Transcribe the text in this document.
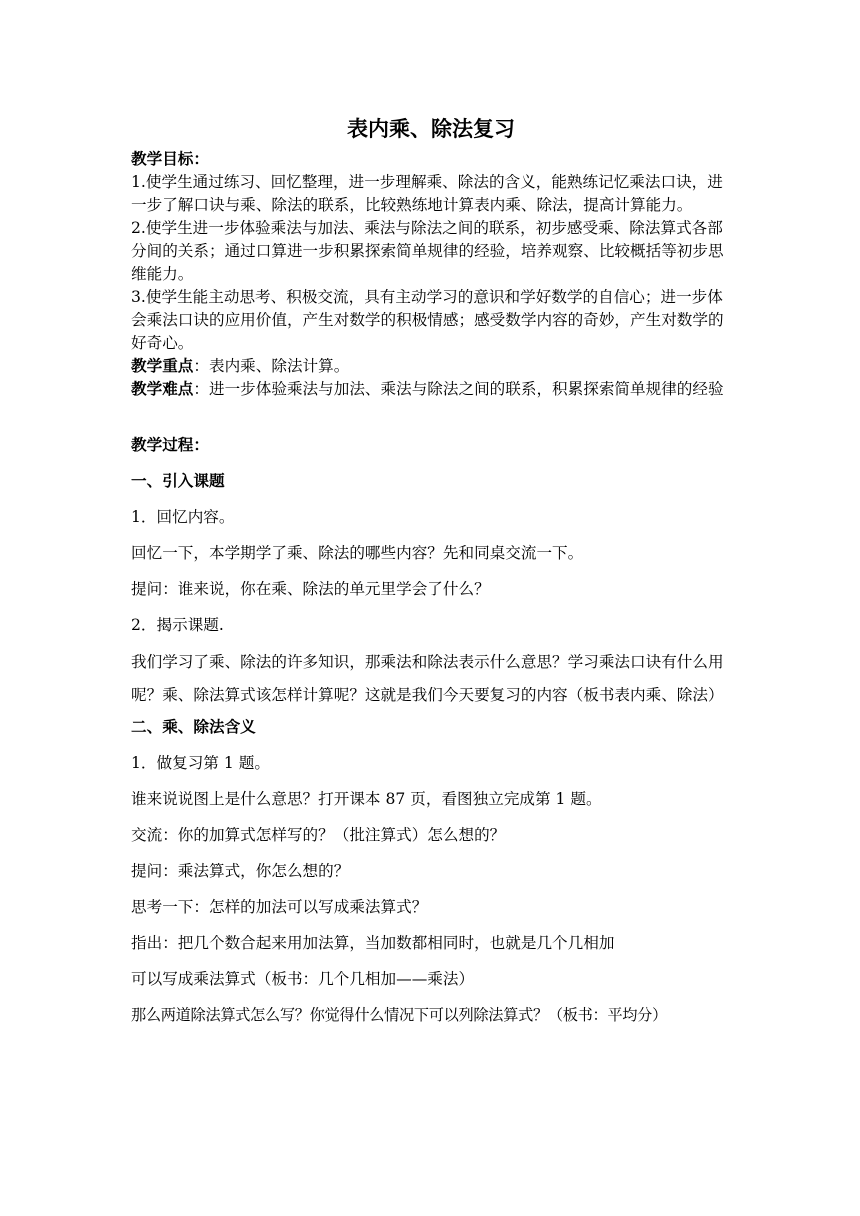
表内乘、除法复习

教学目标：

1.使学生通过练习、回忆整理，进一步理解乘、除法的含义，能熟练记忆乘法口诀，进一步了解口诀与乘、除法的联系，比较熟练地计算表内乘、除法，提高计算能力。

2.使学生进一步体验乘法与加法、乘法与除法之间的联系，初步感受乘、除法算式各部分间的关系；通过口算进一步积累探索简单规律的经验，培养观察、比较概括等初步思维能力。

3.使学生能主动思考、积极交流，具有主动学习的意识和学好数学的自信心；进一步体会乘法口诀的应用价值，产生对数学的积极情感；感受数学内容的奇妙，产生对数学的好奇心。

教学重点：表内乘、除法计算。

教学难点：进一步体验乘法与加法、乘法与除法之间的联系，积累探索简单规律的经验

教学过程：

一、引入课题

1．回忆内容。

回忆一下，本学期学了乘、除法的哪些内容？先和同桌交流一下。

提问：谁来说，你在乘、除法的单元里学会了什么？

2．揭示课题.

我们学习了乘、除法的许多知识，那乘法和除法表示什么意思？学习乘法口诀有什么用呢？乘、除法算式该怎样计算呢？这就是我们今天要复习的内容（板书表内乘、除法）

二、乘、除法含义

1．做复习第 1 题。

谁来说说图上是什么意思？打开课本 87 页，看图独立完成第 1 题。

交流：你的加算式怎样写的？（批注算式）怎么想的？

提问：乘法算式，你怎么想的？

思考一下：怎样的加法可以写成乘法算式？

指出：把几个数合起来用加法算，当加数都相同时，也就是几个几相加

可以写成乘法算式（板书：几个几相加——乘法）

那么两道除法算式怎么写？你觉得什么情况下可以列除法算式？（板书：平均分）
